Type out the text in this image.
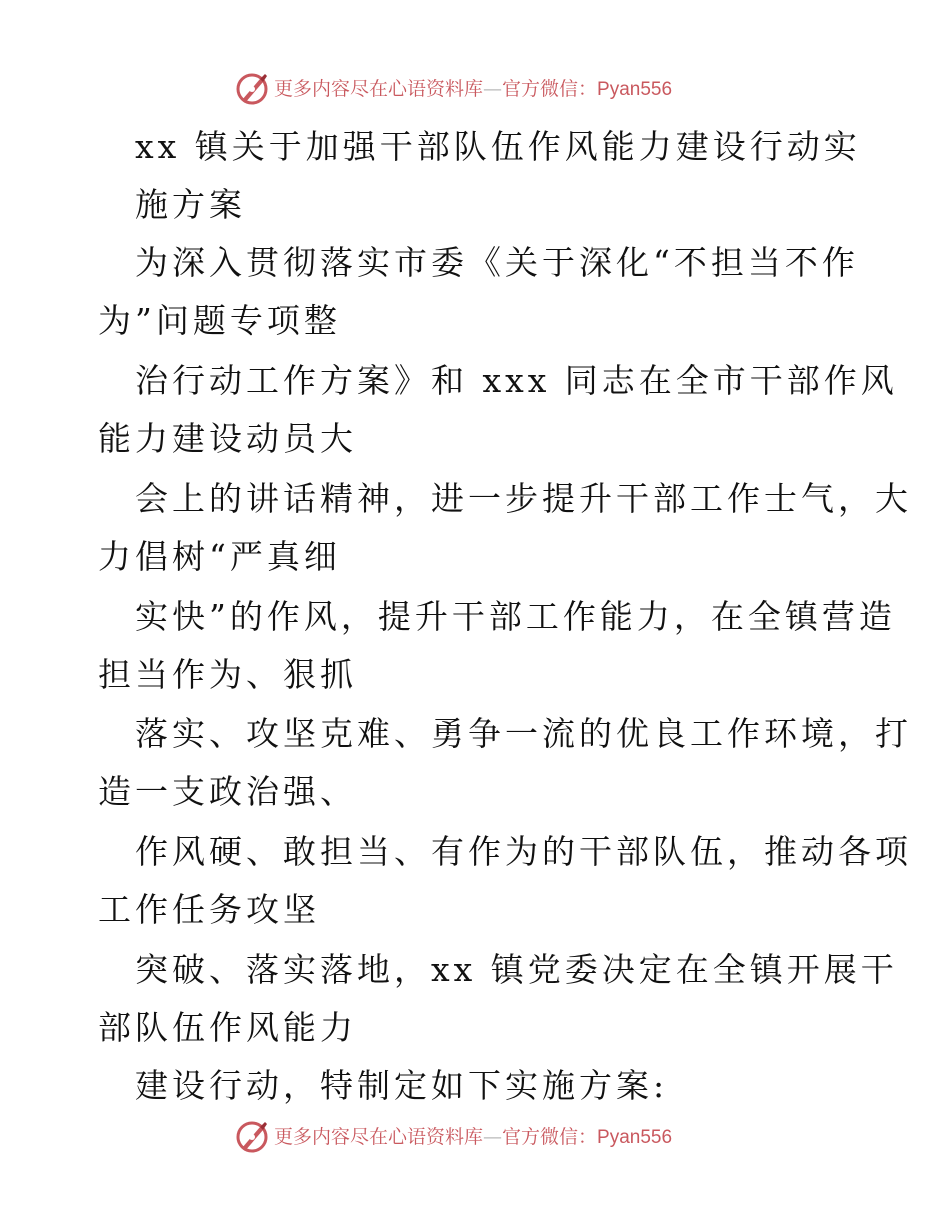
更多内容尽在心语资料库—官方微信：Pyan556
xx 镇关于加强干部队伍作风能力建设行动实
施方案
为深入贯彻落实市委《关于深化“不担当不作
为”问题专项整
治行动工作方案》和 xxx 同志在全市干部作风
能力建设动员大
会上的讲话精神，进一步提升干部工作士气，大
力倡树“严真细
实快”的作风，提升干部工作能力，在全镇营造
担当作为、狠抓
落实、攻坚克难、勇争一流的优良工作环境，打
造一支政治强、
作风硬、敢担当、有作为的干部队伍，推动各项
工作任务攻坚
突破、落实落地，xx 镇党委决定在全镇开展干
部队伍作风能力
建设行动，特制定如下实施方案:
更多内容尽在心语资料库—官方微信：Pyan556
